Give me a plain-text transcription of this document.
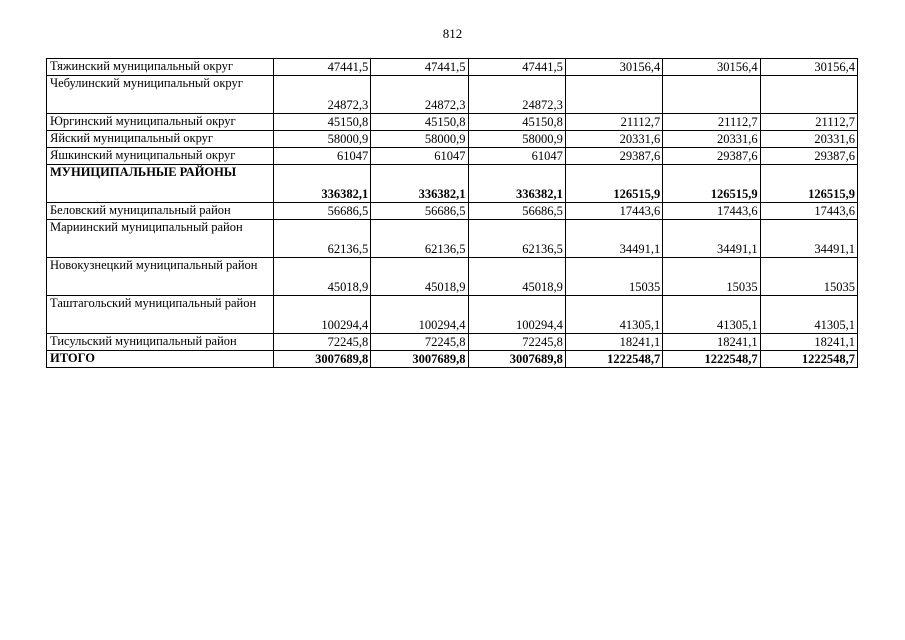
812
Тяжинский муниципальный округ	47441,5	47441,5	47441,5	30156,4	30156,4	30156,4
Чебулинский муниципальный округ	24872,3	24872,3	24872,3			
Юргинский муниципальный округ	45150,8	45150,8	45150,8	21112,7	21112,7	21112,7
Яйский муниципальный округ	58000,9	58000,9	58000,9	20331,6	20331,6	20331,6
Яшкинский муниципальный округ	61047	61047	61047	29387,6	29387,6	29387,6
МУНИЦИПАЛЬНЫЕ РАЙОНЫ	336382,1	336382,1	336382,1	126515,9	126515,9	126515,9
Беловский муниципальный район	56686,5	56686,5	56686,5	17443,6	17443,6	17443,6
Мариинский муниципальный район	62136,5	62136,5	62136,5	34491,1	34491,1	34491,1
Новокузнецкий муниципальный район	45018,9	45018,9	45018,9	15035	15035	15035
Таштагольский муниципальный район	100294,4	100294,4	100294,4	41305,1	41305,1	41305,1
Тисульский муниципальный район	72245,8	72245,8	72245,8	18241,1	18241,1	18241,1
ИТОГО	3007689,8	3007689,8	3007689,8	1222548,7	1222548,7	1222548,7
